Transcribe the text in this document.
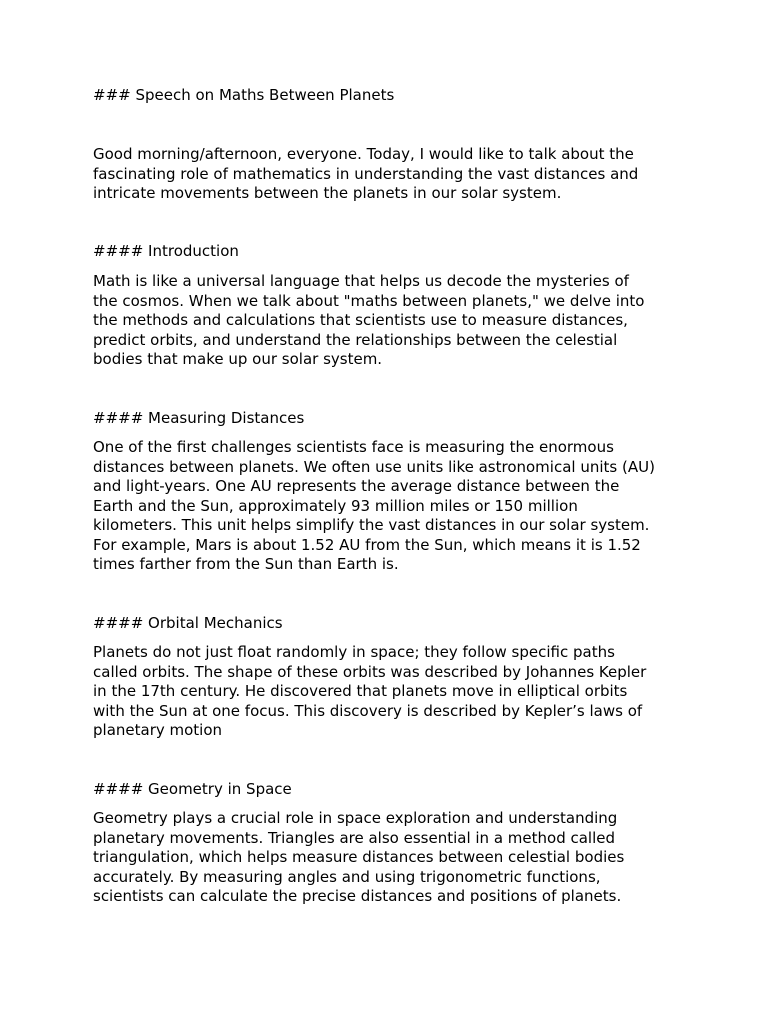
### Speech on Maths Between Planets

Good morning/afternoon, everyone. Today, I would like to talk about the

fascinating role of mathematics in understanding the vast distances and

intricate movements between the planets in our solar system.

#### Introduction

Math is like a universal language that helps us decode the mysteries of

the cosmos. When we talk about "maths between planets," we delve into

the methods and calculations that scientists use to measure distances,

predict orbits, and understand the relationships between the celestial

bodies that make up our solar system.

#### Measuring Distances

One of the first challenges scientists face is measuring the enormous

distances between planets. We often use units like astronomical units (AU)

and light-years. One AU represents the average distance between the

Earth and the Sun, approximately 93 million miles or 150 million

kilometers. This unit helps simplify the vast distances in our solar system.

For example, Mars is about 1.52 AU from the Sun, which means it is 1.52

times farther from the Sun than Earth is.

#### Orbital Mechanics

Planets do not just float randomly in space; they follow specific paths

called orbits. The shape of these orbits was described by Johannes Kepler

in the 17th century. He discovered that planets move in elliptical orbits

with the Sun at one focus. This discovery is described by Kepler’s laws of

planetary motion

#### Geometry in Space

Geometry plays a crucial role in space exploration and understanding

planetary movements. Triangles are also essential in a method called

triangulation, which helps measure distances between celestial bodies

accurately. By measuring angles and using trigonometric functions,

scientists can calculate the precise distances and positions of planets.
